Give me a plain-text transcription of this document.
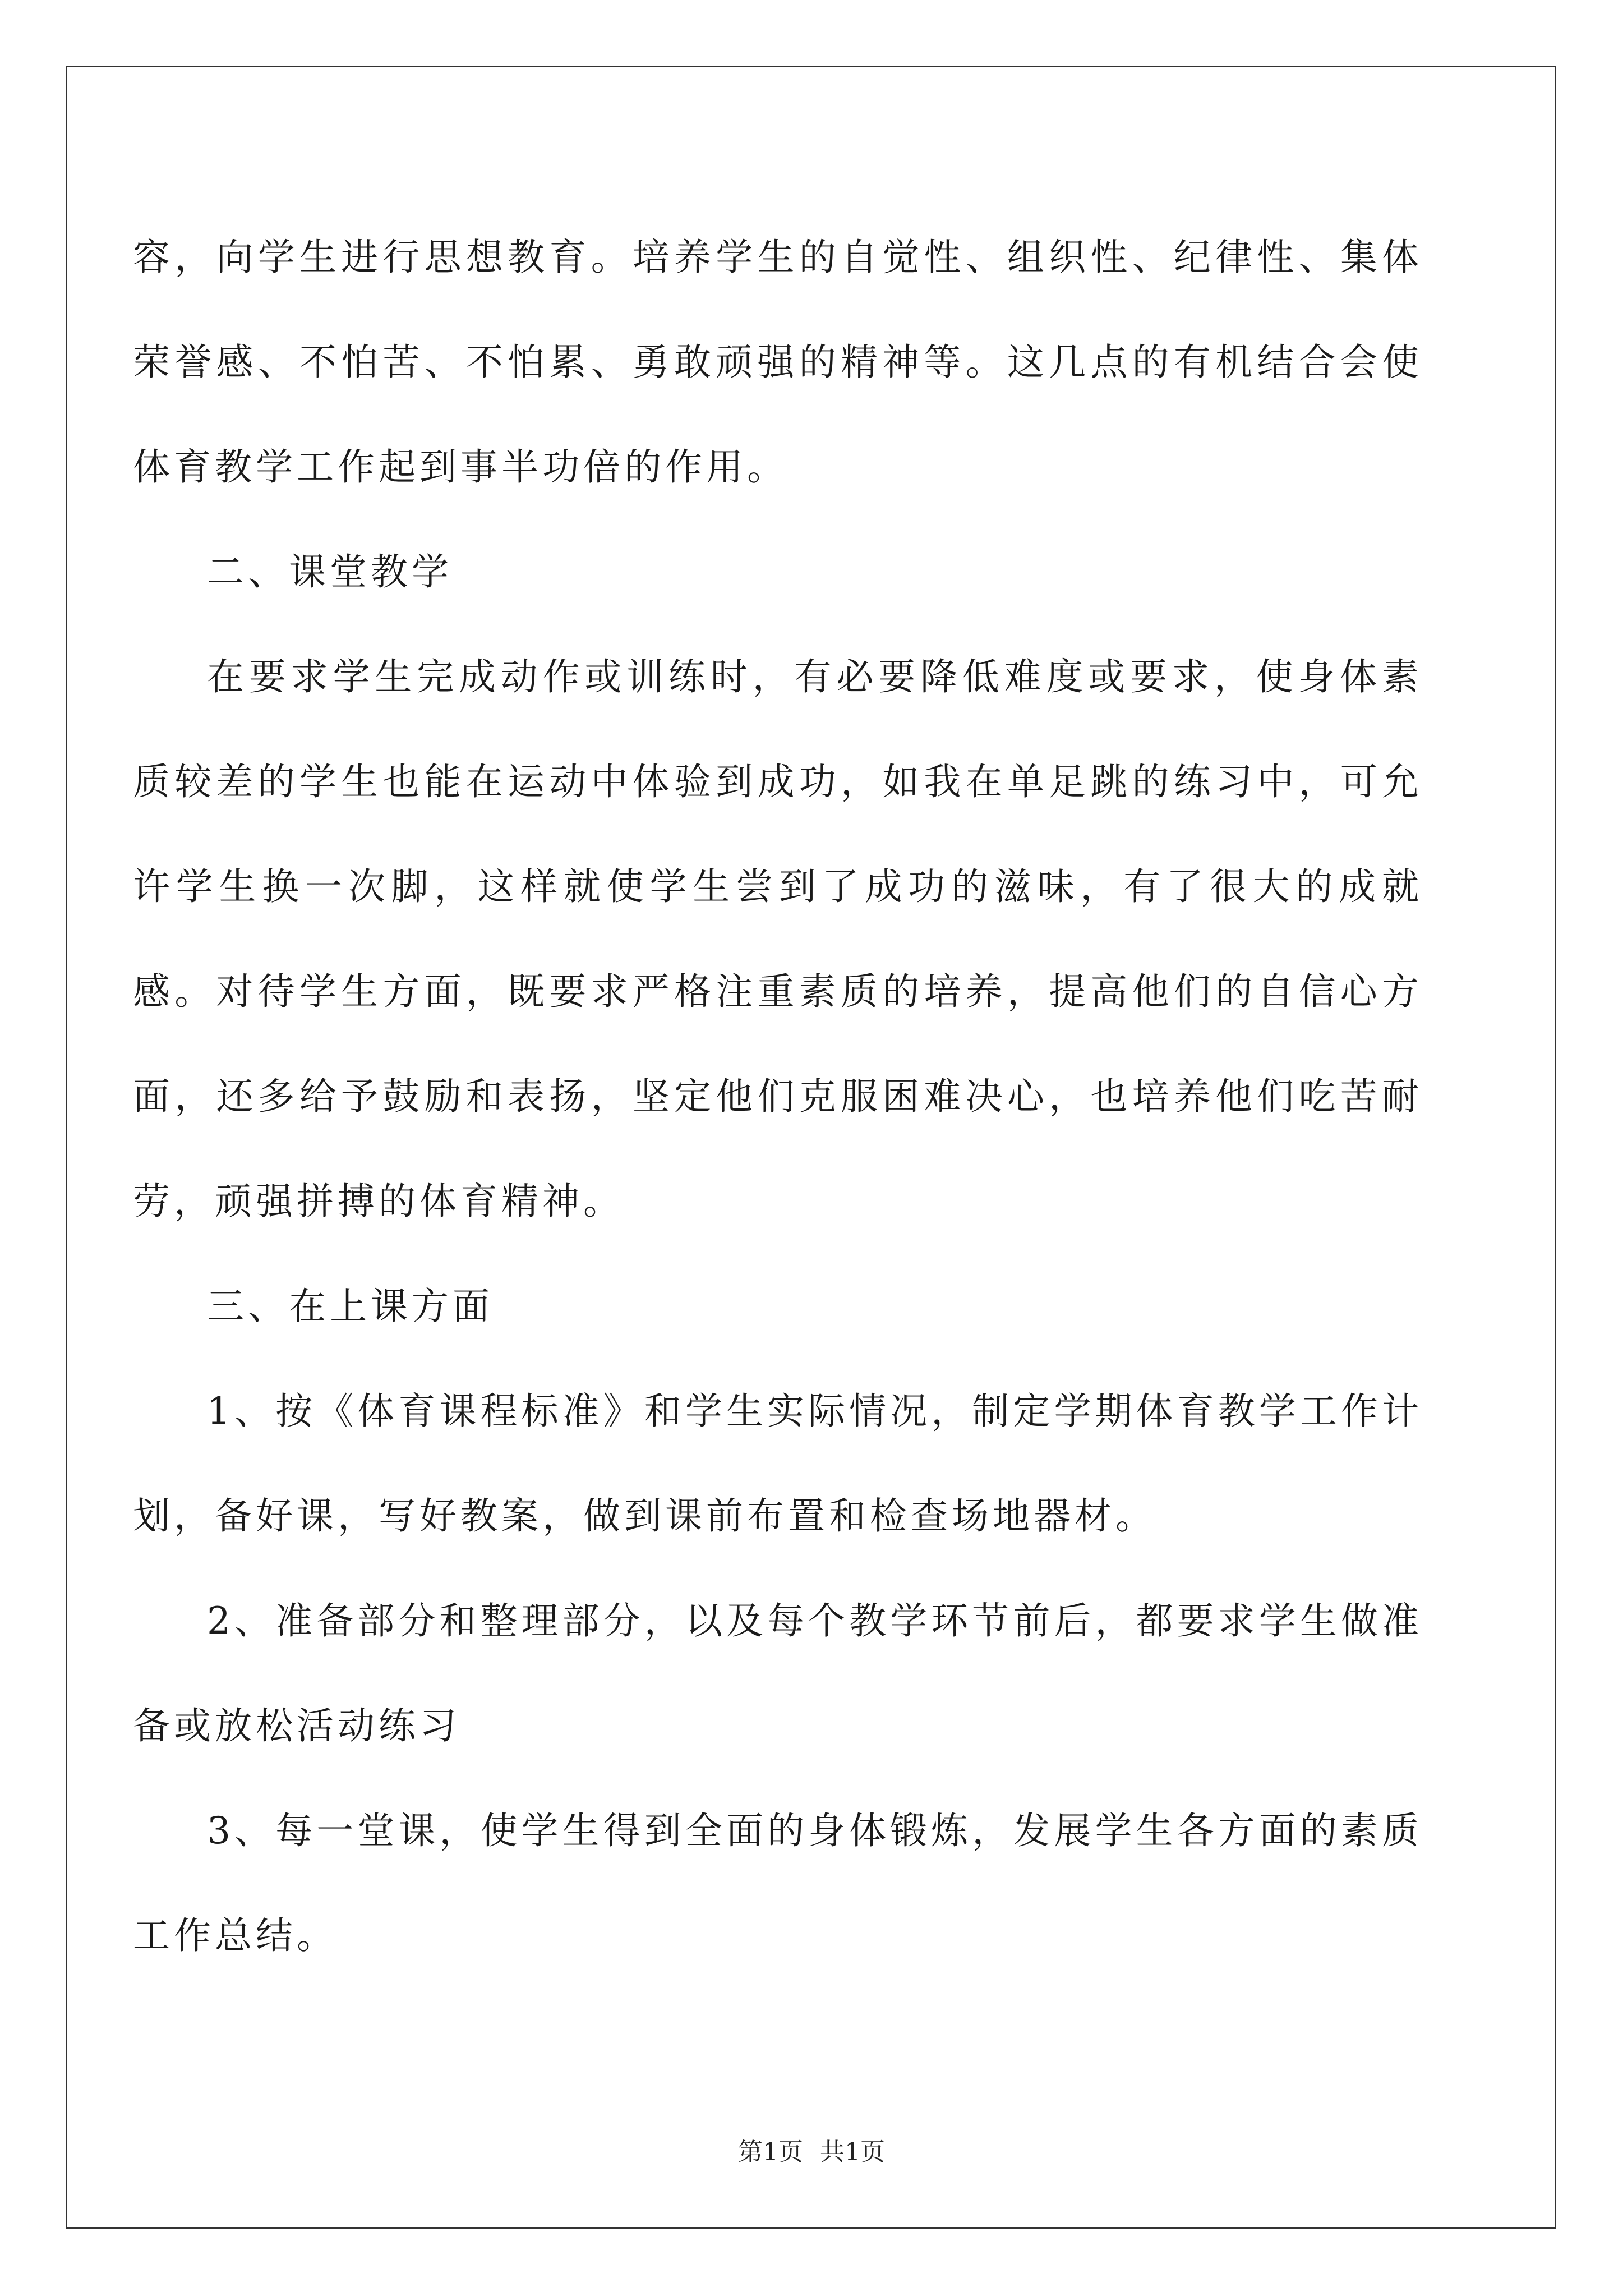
容，向学生进行思想教育。培养学生的自觉性、组织性、纪律性、集体荣誉感、不怕苦、不怕累、勇敢顽强的精神等。这几点的有机结合会使体育教学工作起到事半功倍的作用。

二、课堂教学

在要求学生完成动作或训练时，有必要降低难度或要求，使身体素质较差的学生也能在运动中体验到成功，如我在单足跳的练习中，可允许学生换一次脚，这样就使学生尝到了成功的滋味，有了很大的成就感。对待学生方面，既要求严格注重素质的培养，提高他们的自信心方面，还多给予鼓励和表扬，坚定他们克服困难决心，也培养他们吃苦耐劳，顽强拼搏的体育精神。

三、在上课方面

1、按《体育课程标准》和学生实际情况，制定学期体育教学工作计划，备好课，写好教案，做到课前布置和检查场地器材。

2、准备部分和整理部分，以及每个教学环节前后，都要求学生做准备或放松活动练习

3、每一堂课，使学生得到全面的身体锻炼，发展学生各方面的素质工作总结。

第1页 共1页
